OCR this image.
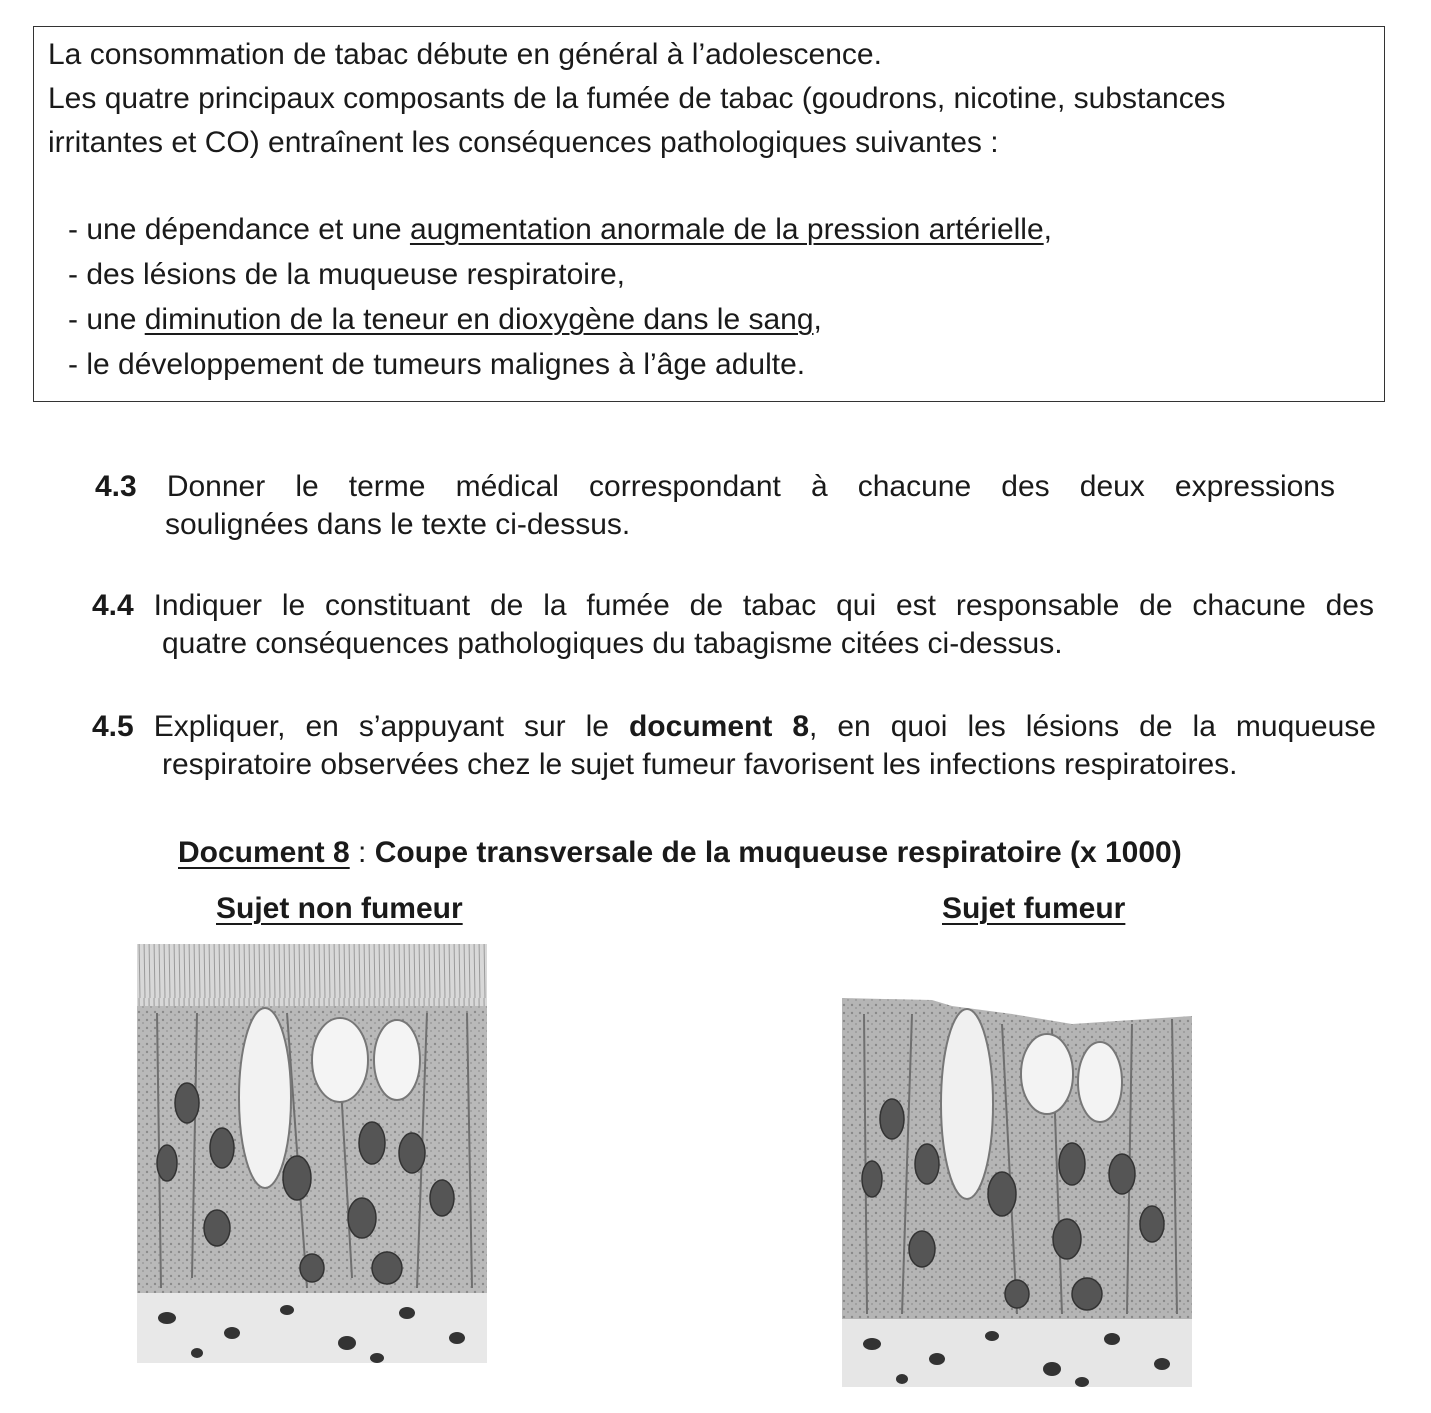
La consommation de tabac débute en général à l’adolescence.
Les quatre principaux composants de la fumée de tabac (goudrons, nicotine, substances
irritantes et CO) entraînent les conséquences pathologiques suivantes :
- une dépendance et une augmentation anormale de la pression artérielle,
- des lésions de la muqueuse respiratoire,
- une diminution de la teneur en dioxygène dans le sang,
- le développement de tumeurs malignes à l’âge adulte.
4.3 Donner le terme médical correspondant à chacune des deux expressions
soulignées dans le texte ci-dessus.
4.4 Indiquer le constituant de la fumée de tabac qui est responsable de chacune des
quatre conséquences pathologiques du tabagisme citées ci-dessus.
4.5 Expliquer, en s’appuyant sur le document 8, en quoi les lésions de la muqueuse
respiratoire observées chez le sujet fumeur favorisent les infections respiratoires.
Document 8 : Coupe transversale de la muqueuse respiratoire (x 1000)
Sujet non fumeur	Sujet fumeur
